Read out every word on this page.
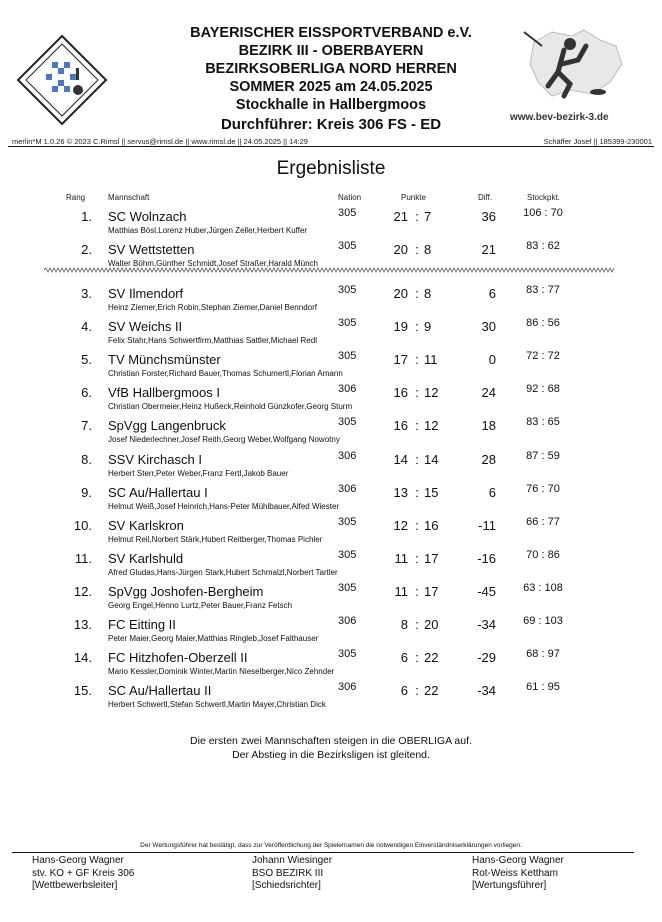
BAYERISCHER EISSPORTVERBAND e.V.
BEZIRK III - OBERBAYERN
BEZIRKSOBERLIGA NORD HERREN
SOMMER 2025 am 24.05.2025
Stockhalle in Hallbergmoos
Durchführer: Kreis 306 FS - ED	www.bev-bezirk-3.de
merlin*M 1.0.26 © 2023 C.Rimsl || servus@rimsl.de || www.rimsl.de || 24.05.2025 || 14:29	Schäffer Josef || 185399-230001
Ergebnisliste
Rang	Mannschaft	Nation	Punkte	Diff.	Stockpkt.
1. SC Wolnzach
Matthias Bösl,Lorenz Huber,Jürgen Zeller,Herbert Kuffer
305	21 : 7	36	106 : 70
2. SV Wettstetten
Walter Böhm,Günther Schmidt,Josef Straßer,Harald Münch
305	20 : 8	21	83 : 62
3. SV Ilmendorf
Heinz Ziemer,Erich Robin,Stephan Ziemer,Daniel Benndorf
305	20 : 8	6	83 : 77
4. SV Weichs II
Felix Stahr,Hans Schwertfirm,Matthias Sattler,Michael Redl
305	19 : 9	30	86 : 56
5. TV Münchsmünster
Christian Forster,Richard Bauer,Thomas Schumertl,Florian Amann
305	17 : 11	0	72 : 72
6. VfB Hallbergmoos I
Christian Obermeier,Heinz Hußeck,Reinhold Günzkofer,Georg Sturm
306	16 : 12	24	92 : 68
7. SpVgg Langenbruck
Josef Niederlechner,Josef Reith,Georg Weber,Wolfgang Nowotny
305	16 : 12	18	83 : 65
8. SSV Kirchasch I
Herbert Sterr,Peter Weber,Franz Fertl,Jakob Bauer
306	14 : 14	28	87 : 59
9. SC Au/Hallertau I
Helmut Weiß,Josef Heinrich,Hans-Peter Mühlbauer,Alfed Wiester
306	13 : 15	6	76 : 70
10. SV Karlskron
Helmut Reil,Norbert Stärk,Hubert Reitberger,Thomas Pichler
305	12 : 16	-11	66 : 77
11. SV Karlshuld
Afred Gludas,Hans-Jürgen Stark,Hubert Schmalzl,Norbert Tartler
305	11 : 17	-16	70 : 86
12. SpVgg Joshofen-Bergheim
Georg Engel,Henno Lurtz,Peter Bauer,Franz Fetsch
305	11 : 17	-45	63 : 108
13. FC Eitting II
Peter Maier,Georg Maier,Matthias Ringleb,Josef Falthauser
306	8 : 20	-34	69 : 103
14. FC Hitzhofen-Oberzell II
Mario Kessler,Dominik Winter,Martin Nieselberger,Nico Zehnder
305	6 : 22	-29	68 : 97
15. SC Au/Hallertau II
Herbert Schwertl,Stefan Schwertl,Martin Mayer,Christian Dick
306	6 : 22	-34	61 : 95
Die ersten zwei Mannschaften steigen in die OBERLIGA auf.
Der Abstieg in die Bezirksligen ist gleitend.
Der Wertungsführer hat bestätigt, dass zur Veröffentlichung der Spielernamen die notwendigen Einverständniserklärungen vorliegen.
Hans-Georg Wagner
stv. KO + GF Kreis 306
[Wettbewerbsleiter]
Johann Wiesinger
BSO BEZIRK III
[Schiedsrichter]
Hans-Georg Wagner
Rot-Weiss Kettham
[Wertungsführer]
